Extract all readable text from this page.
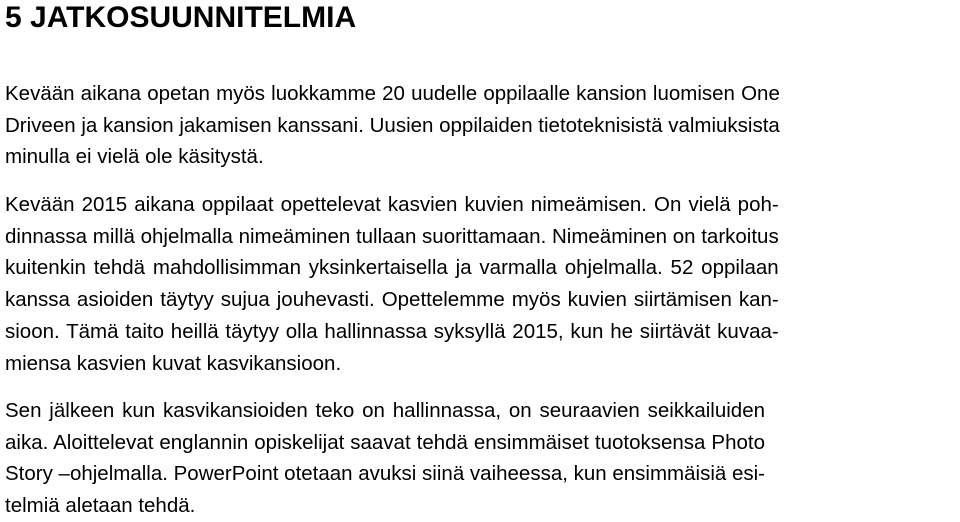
5 JATKOSUUNNITELMIA
Kevään aikana opetan myös luokkamme 20 uudelle oppilaalle kansion luomisen One
Driveen ja kansion jakamisen kanssani. Uusien oppilaiden tietoteknisistä valmiuksista
minulla ei vielä ole käsitystä.
Kevään 2015 aikana oppilaat opettelevat kasvien kuvien nimeämisen. On vielä poh-
dinnassa millä ohjelmalla nimeäminen tullaan suorittamaan. Nimeäminen on tarkoitus
kuitenkin tehdä mahdollisimman yksinkertaisella ja varmalla ohjelmalla. 52 oppilaan
kanssa asioiden täytyy sujua jouhevasti. Opettelemme myös kuvien siirtämisen kan-
sioon. Tämä taito heillä täytyy olla hallinnassa syksyllä 2015, kun he siirtävät kuvaa-
miensa kasvien kuvat kasvikansioon.
Sen jälkeen kun kasvikansioiden teko on hallinnassa, on seuraavien seikkailuiden
aika. Aloittelevat englannin opiskelijat saavat tehdä ensimmäiset tuotoksensa Photo
Story –ohjelmalla. PowerPoint otetaan avuksi siinä vaiheessa, kun ensimmäisiä esi-
telmiä aletaan tehdä.
